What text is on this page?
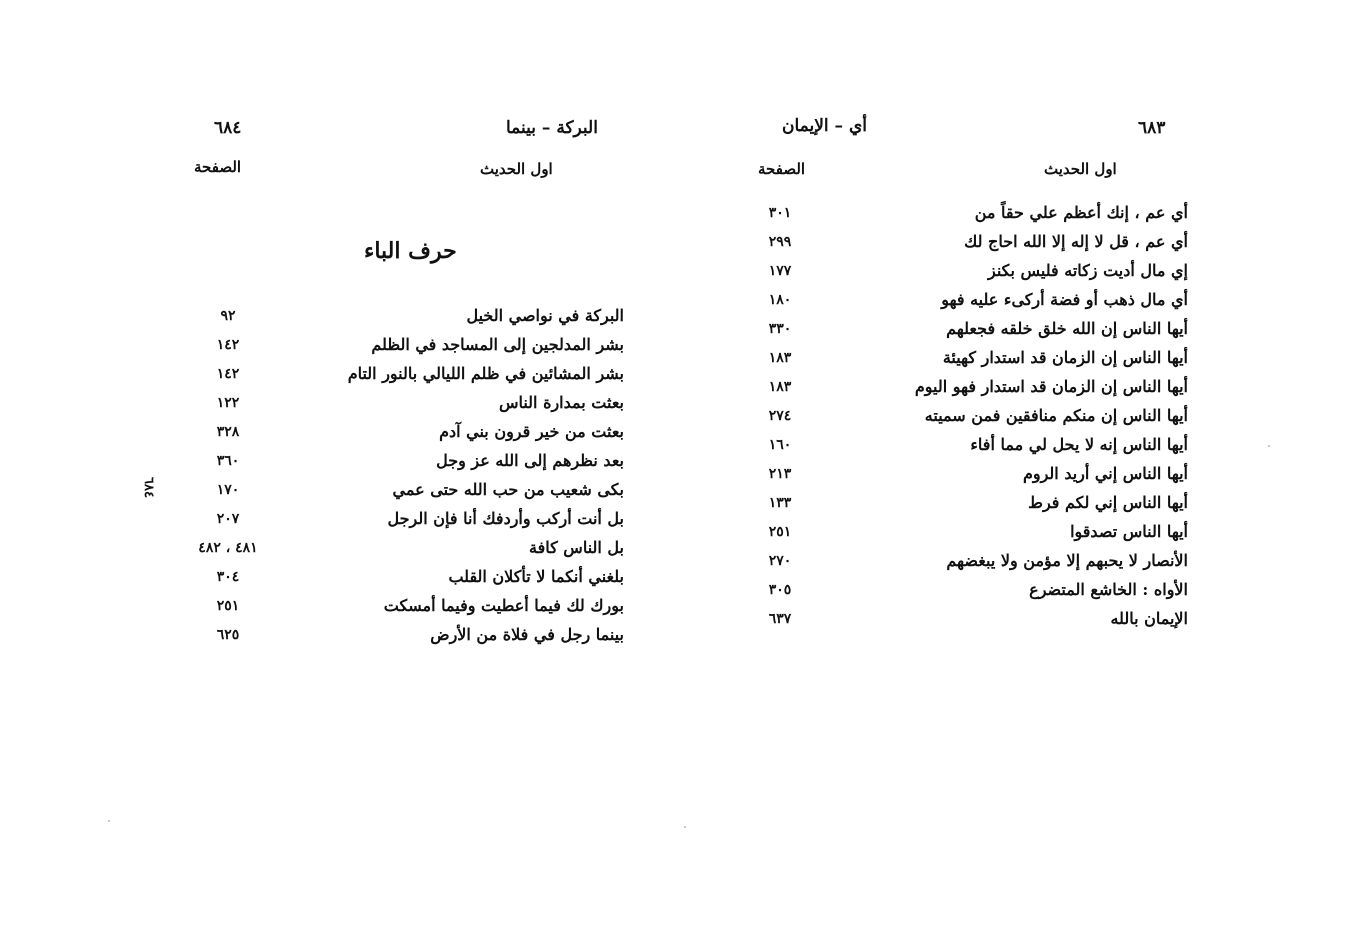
٦٨٣
أي – الإيمان
اول الحديث
الصفحة
أي عم ، إنك أعظم علي حقاً من
٣٠١
أي عم ، قل لا إله إلا الله احاج لك
٢٩٩
إي مال أديت زكاته فليس بكنز
١٧٧
أي مال ذهب أو فضة أركىء عليه فهو
١٨٠
أيها الناس إن الله خلق خلقه فجعلهم
٣٣٠
أيها الناس إن الزمان قد استدار كهيئة
١٨٣
أيها الناس إن الزمان قد استدار فهو اليوم
١٨٣
أيها الناس إن منكم منافقين فمن سميته
٢٧٤
أيها الناس إنه لا يحل لي مما أفاء
١٦٠
أيها الناس إني أريد الروم
٢١٣
أيها الناس إني لكم فرط
١٣٣
أيها الناس تصدقوا
٢٥١
الأنصار لا يحبهم إلا مؤمن ولا يبغضهم
٢٧٠
الأواه : الخاشع المتضرع
٣٠٥
الإيمان بالله
٦٣٧
٦٨٤	البركة – بينما
اول الحديث
الصفحة
حرف الباء
٦٨٤
البركة في نواصي الخيل
٩٢
بشر المدلجين إلى المساجد في الظلم
١٤٢
بشر المشائين في ظلم الليالي بالنور التام
١٤٢
بعثت بمدارة الناس
١٢٢
بعثت من خير قرون بني آدم
٣٢٨
بعد نظرهم إلى الله عز وجل
٣٦٠
بكى شعيب من حب الله حتى عمي
١٧٠
بل أنت أركب وأردفك أنا فإن الرجل
٢٠٧
بل الناس كافة
٤٨١ ، ٤٨٢
بلغني أنكما لا تأكلان القلب
٣٠٤
بورك لك فيما أعطيت وفيما أمسكت
٢٥١
بينما رجل في فلاة من الأرض
٦٢٥
